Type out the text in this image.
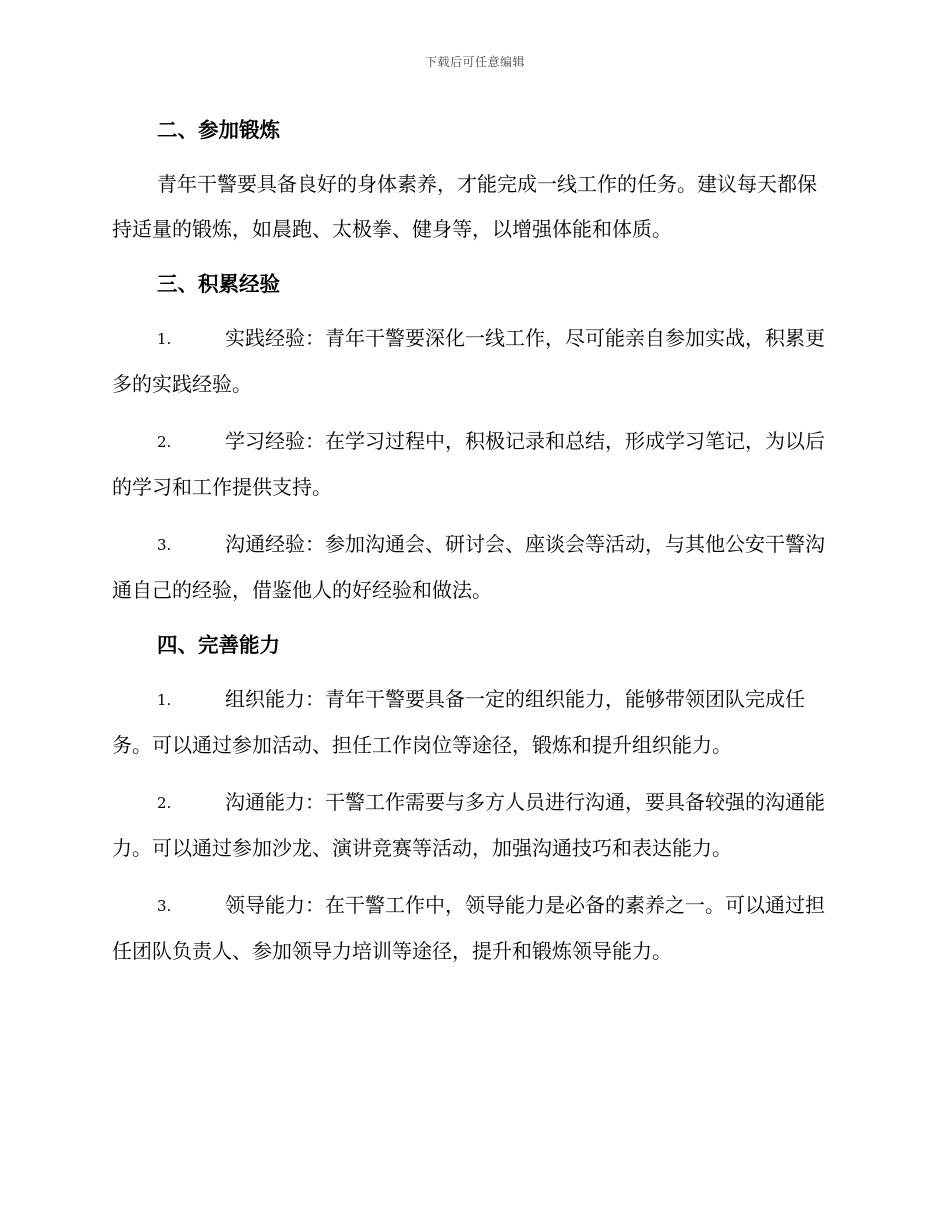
下载后可任意编辑
二、参加锻炼

青年干警要具备良好的身体素养，才能完成一线工作的任务。建议每天都保持适量的锻炼，如晨跑、太极拳、健身等，以增强体能和体质。

三、积累经验

1.	实践经验：青年干警要深化一线工作，尽可能亲自参加实战，积累更多的实践经验。

2.	学习经验：在学习过程中，积极记录和总结，形成学习笔记，为以后的学习和工作提供支持。

3.	沟通经验：参加沟通会、研讨会、座谈会等活动，与其他公安干警沟通自己的经验，借鉴他人的好经验和做法。

四、完善能力

1.	组织能力：青年干警要具备一定的组织能力，能够带领团队完成任务。可以通过参加活动、担任工作岗位等途径，锻炼和提升组织能力。

2.	沟通能力：干警工作需要与多方人员进行沟通，要具备较强的沟通能力。可以通过参加沙龙、演讲竞赛等活动，加强沟通技巧和表达能力。

3.	领导能力：在干警工作中，领导能力是必备的素养之一。可以通过担任团队负责人、参加领导力培训等途径，提升和锻炼领导能力。
